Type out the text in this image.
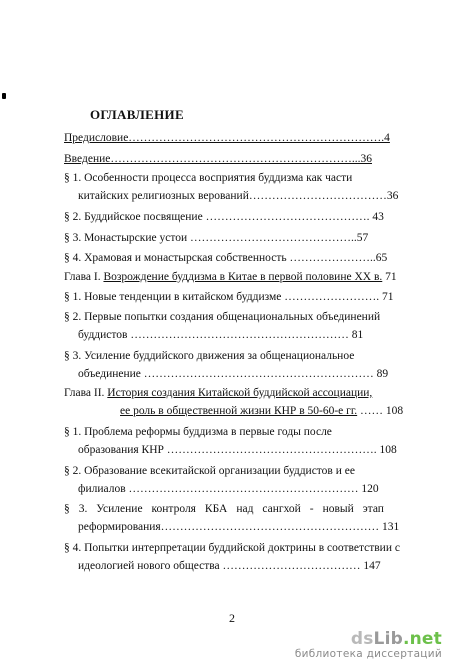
ОГЛАВЛЕНИЕ
Предисловие………………………………………………………….4
Введение………………………………………………………...36
§ 1. Особенности процесса восприятия буддизма как части
китайских религиозных верований………………………………36
§ 2. Буддийское посвящение ……………………………………. 43
§ 3. Монастырские устои ……………………………………..57
§ 4. Храмовая и монастырская собственность …………………..65
Глава I. Возрождение буддизма в Китае в первой половине ХХ в. 71
§ 1. Новые тенденции в китайском буддизме ……………………. 71
§ 2. Первые попытки создания общенациональных объединений
буддистов ………………………………………………… 81
§ 3. Усиление буддийского движения за общенациональное
объединение …………………………………………………… 89
Глава II. История создания Китайской буддийской ассоциации,
ее роль в общественной жизни КНР в 50-60-е гг. …… 108
§ 1. Проблема реформы буддизма в первые годы после
образования КНР ………………………………………………. 108
§ 2. Образование всекитайской организации буддистов и ее
филиалов …………………………………………………… 120
§ 3. Усиление контроля КБА над сангхой - новый этап
реформирования………………………………………………… 131
§ 4. Попытки интерпретации буддийской доктрины в соответствии с
идеологией нового общества ……………………………… 147
2
dsLib.net
библиотека диссертаций
